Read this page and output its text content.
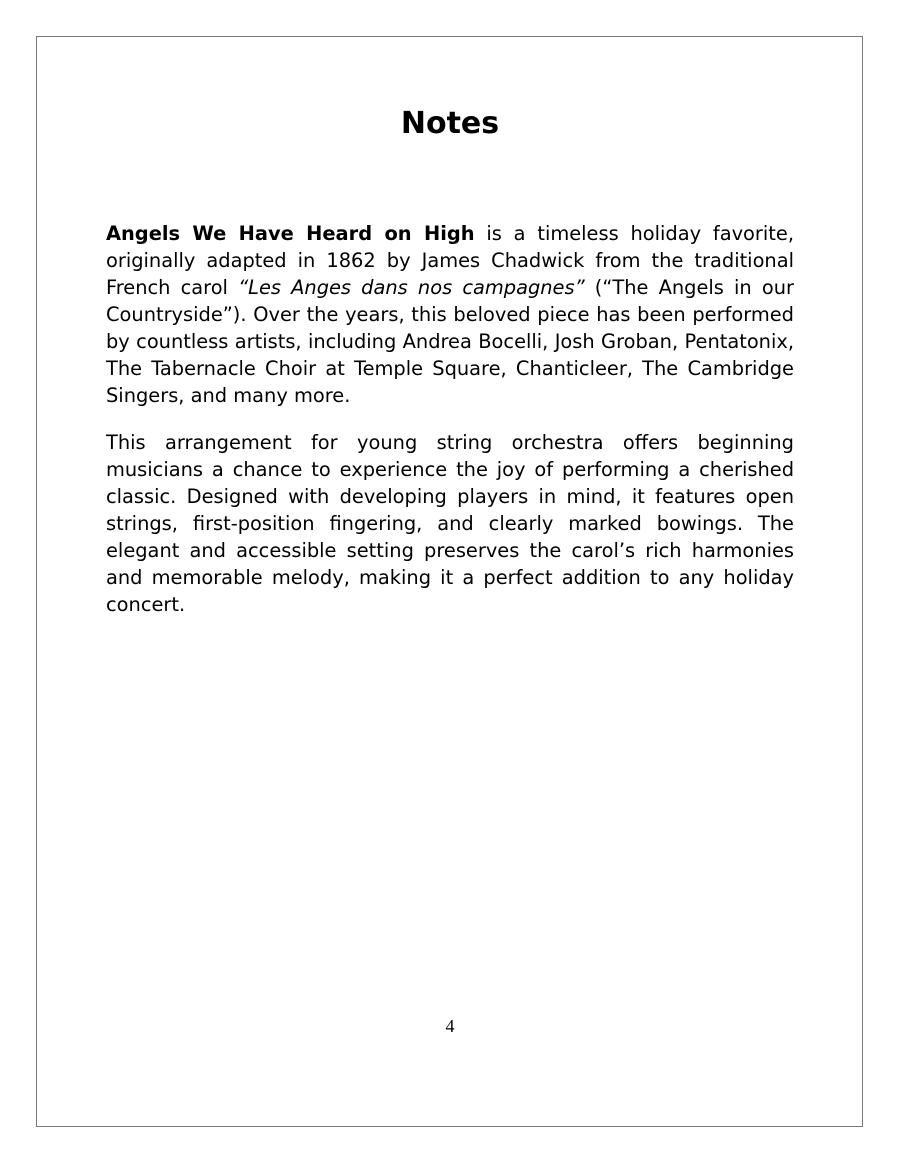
Notes

Angels We Have Heard on High is a timeless holiday favorite, originally adapted in 1862 by James Chadwick from the traditional French carol “Les Anges dans nos campagnes” (“The Angels in our Countryside”). Over the years, this beloved piece has been performed by countless artists, including Andrea Bocelli, Josh Groban, Pentatonix, The Tabernacle Choir at Temple Square, Chanticleer, The Cambridge Singers, and many more.

This arrangement for young string orchestra offers beginning musicians a chance to experience the joy of performing a cherished classic. Designed with developing players in mind, it features open strings, first-position fingering, and clearly marked bowings. The elegant and accessible setting preserves the carol’s rich harmonies and memorable melody, making it a perfect addition to any holiday concert.

4
